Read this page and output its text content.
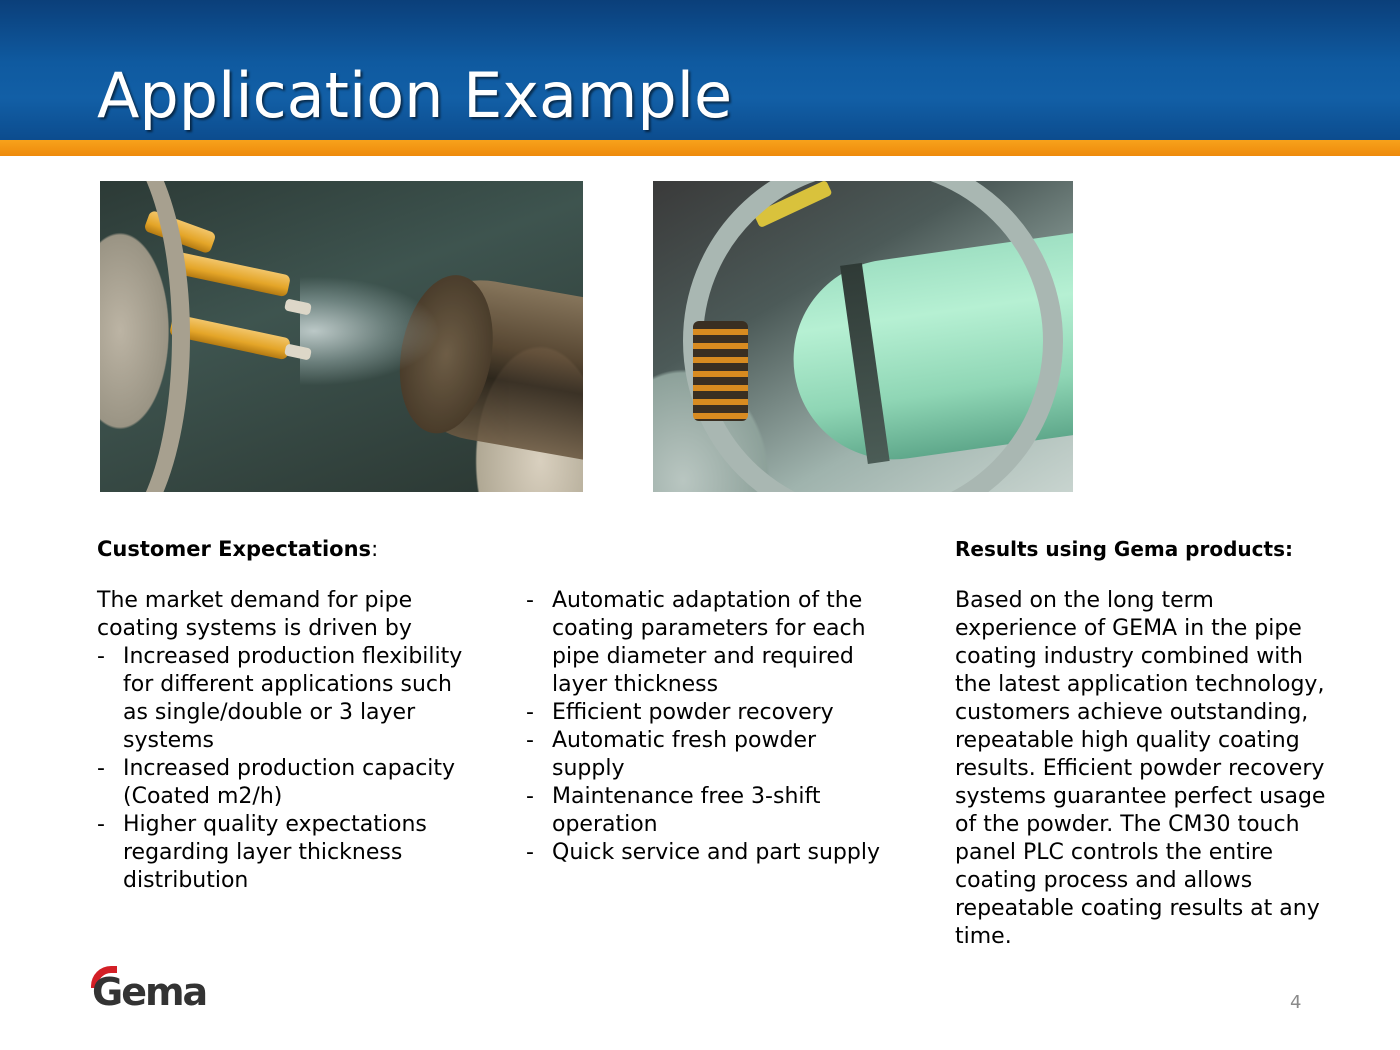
Application Example

Customer Expectations:

The market demand for pipe coating systems is driven by
- Increased production flexibility for different applications such as single/double or 3 layer systems
- Increased production capacity (Coated m2/h)
- Higher quality expectations regarding layer thickness distribution
- Automatic adaptation of the coating parameters for each pipe diameter and required layer thickness
- Efficient powder recovery
- Automatic fresh powder supply
- Maintenance free 3-shift operation
- Quick service and part supply

Results using Gema products:

Based on the long term experience of GEMA in the pipe coating industry combined with the latest application technology, customers achieve outstanding, repeatable high quality coating results. Efficient powder recovery systems guarantee perfect usage of the powder. The CM30 touch panel PLC controls the entire coating process and allows repeatable coating results at any time.

Gema	4
